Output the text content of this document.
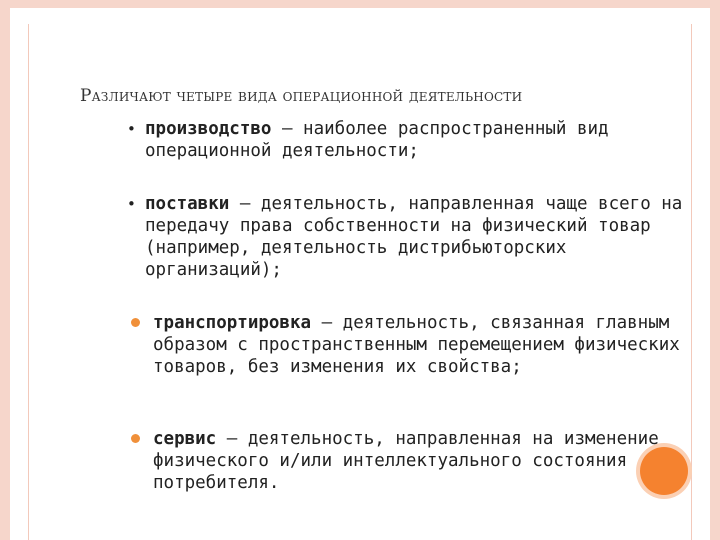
Различают четыре вида операционной деятельности
• производство — наиболее распространенный вид операционной деятельности;
• поставки — деятельность, направленная чаще всего на передачу права собственности на физический товар (например, деятельность дистрибьюторских организаций);
транспортировка – деятельность, связанная главным образом с пространственным перемещением физических товаров, без изменения их свойства;
сервис – деятельность, направленная на изменение физического и/или интеллектуального состояния потребителя.
